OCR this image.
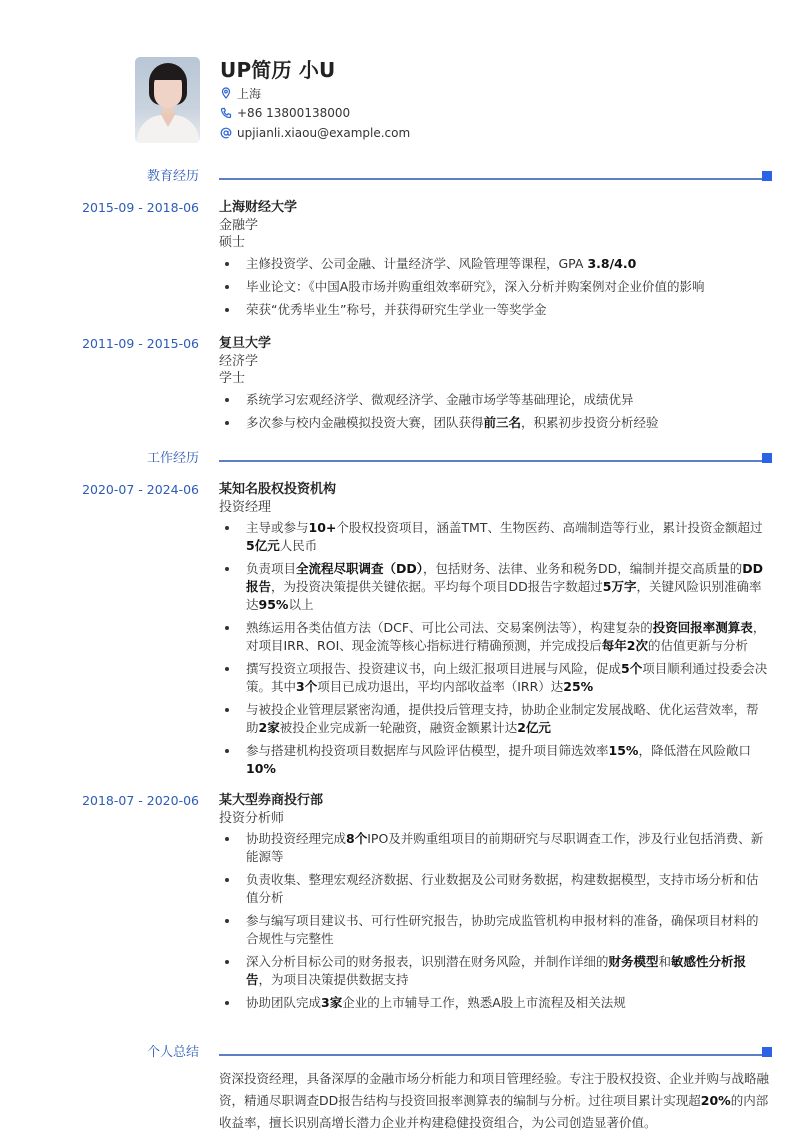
UP简历 小U
上海
+86 13800138000
upjianli.xiaou@example.com
教育经历
2015-09 - 2018-06 上海财经大学
金融学
硕士
主修投资学、公司金融、计量经济学、风险管理等课程，GPA 3.8/4.0
毕业论文：《中国A股市场并购重组效率研究》，深入分析并购案例对企业价值的影响
荣获“优秀毕业生”称号，并获得研究生学业一等奖学金
2011-09 - 2015-06 复旦大学
经济学
学士
系统学习宏观经济学、微观经济学、金融市场学等基础理论，成绩优异
多次参与校内金融模拟投资大赛，团队获得前三名，积累初步投资分析经验
工作经历
2020-07 - 2024-06 某知名股权投资机构
投资经理
主导或参与10+个股权投资项目，涵盖TMT、生物医药、高端制造等行业，累计投资金额超过5亿元人民币
负责项目全流程尽职调查（DD），包括财务、法律、业务和税务DD，编制并提交高质量的DD报告，为投资决策提供关键依据。平均每个项目DD报告字数超过5万字，关键风险识别准确率达95%以上
熟练运用各类估值方法（DCF、可比公司法、交易案例法等），构建复杂的投资回报率测算表，对项目IRR、ROI、现金流等核心指标进行精确预测，并完成投后每年2次的估值更新与分析
撰写投资立项报告、投资建议书，向上级汇报项目进展与风险，促成5个项目顺利通过投委会决策。其中3个项目已成功退出，平均内部收益率（IRR）达25%
与被投企业管理层紧密沟通，提供投后管理支持，协助企业制定发展战略、优化运营效率，帮助2家被投企业完成新一轮融资，融资金额累计达2亿元
参与搭建机构投资项目数据库与风险评估模型，提升项目筛选效率15%，降低潜在风险敞口10%
2018-07 - 2020-06 某大型券商投行部
投资分析师
协助投资经理完成8个IPO及并购重组项目的前期研究与尽职调查工作，涉及行业包括消费、新能源等
负责收集、整理宏观经济数据、行业数据及公司财务数据，构建数据模型，支持市场分析和估值分析
参与编写项目建议书、可行性研究报告，协助完成监管机构申报材料的准备，确保项目材料的合规性与完整性
深入分析目标公司的财务报表，识别潜在财务风险，并制作详细的财务模型和敏感性分析报告，为项目决策提供数据支持
协助团队完成3家企业的上市辅导工作，熟悉A股上市流程及相关法规
个人总结
资深投资经理，具备深厚的金融市场分析能力和项目管理经验。专注于股权投资、企业并购与战略融资，精通尽职调查DD报告结构与投资回报率测算表的编制与分析。过往项目累计实现超20%的内部收益率，擅长识别高增长潜力企业并构建稳健投资组合，为公司创造显著价值。
